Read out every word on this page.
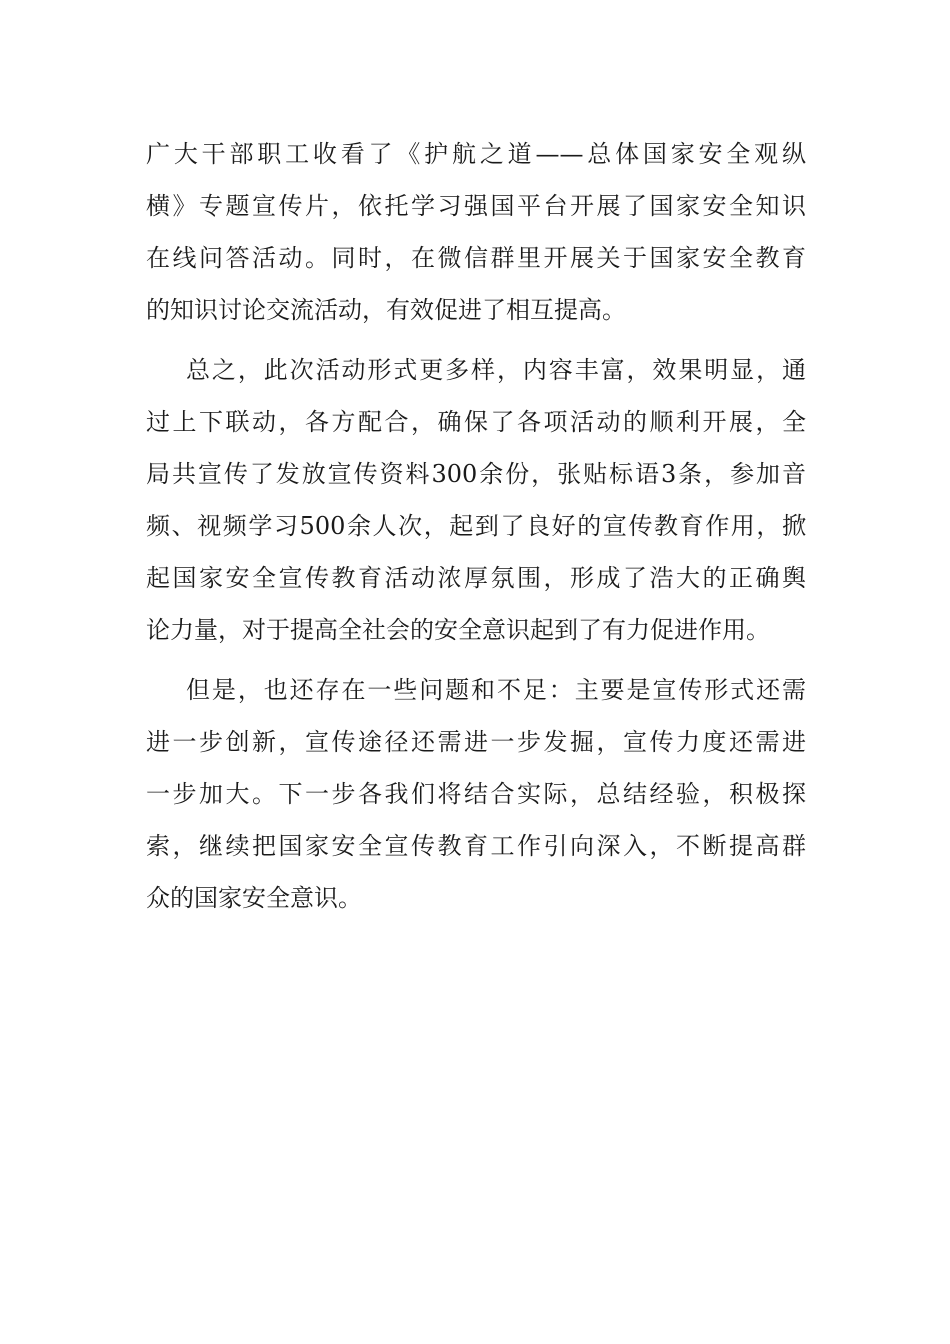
广大干部职工收看了《护航之道——总体国家安全观纵
横》专题宣传片，依托学习强国平台开展了国家安全知识
在线问答活动。同时，在微信群里开展关于国家安全教育
的知识讨论交流活动，有效促进了相互提高。
总之，此次活动形式更多样，内容丰富，效果明显，通
过上下联动，各方配合，确保了各项活动的顺利开展，全
局共宣传了发放宣传资料300余份，张贴标语3条，参加音
频、视频学习500余人次，起到了良好的宣传教育作用，掀
起国家安全宣传教育活动浓厚氛围，形成了浩大的正确舆
论力量，对于提高全社会的安全意识起到了有力促进作用。
但是，也还存在一些问题和不足：主要是宣传形式还需
进一步创新，宣传途径还需进一步发掘，宣传力度还需进
一步加大。下一步各我们将结合实际，总结经验，积极探
索，继续把国家安全宣传教育工作引向深入，不断提高群
众的国家安全意识。
